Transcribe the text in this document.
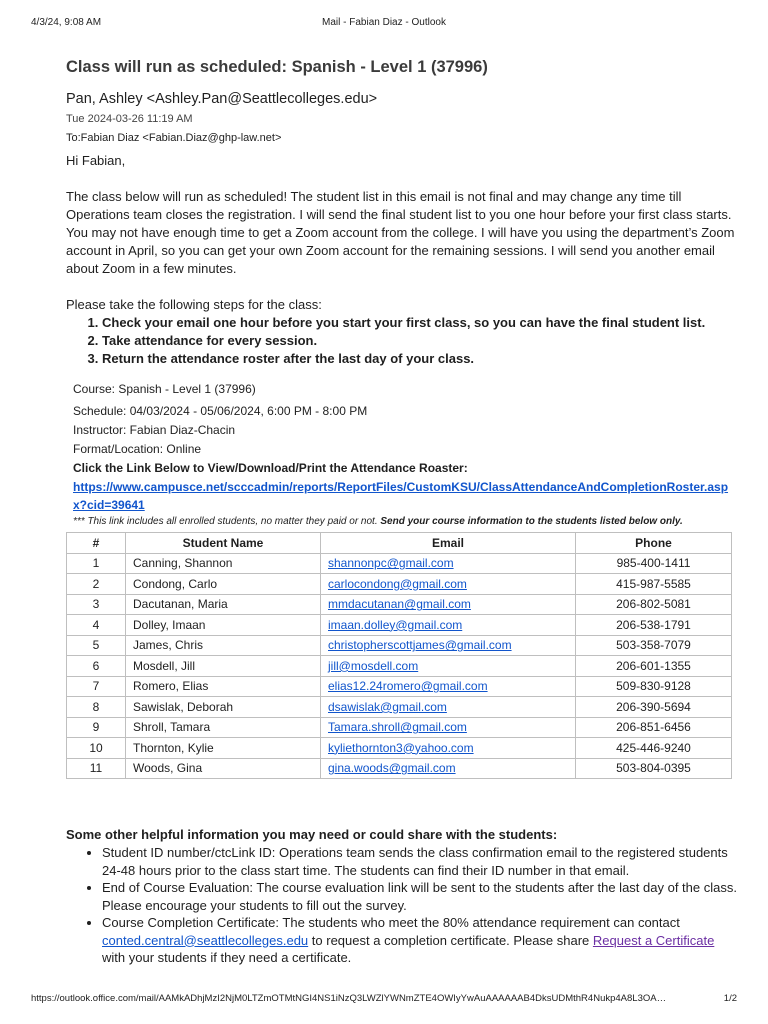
4/3/24, 9:08 AM	Mail - Fabian Diaz - Outlook
Class will run as scheduled: Spanish - Level 1 (37996)
Pan, Ashley <Ashley.Pan@Seattlecolleges.edu>
Tue 2024-03-26 11:19 AM
To:Fabian Diaz <Fabian.Diaz@ghp-law.net>
Hi Fabian,

The class below will run as scheduled! The student list in this email is not final and may change any time till Operations team closes the registration. I will send the final student list to you one hour before your first class starts. You may not have enough time to get a Zoom account from the college. I will have you using the department’s Zoom account in April, so you can get your own Zoom account for the remaining sessions. I will send you another email about Zoom in a few minutes.

Please take the following steps for the class:
1. Check your email one hour before you start your first class, so you can have the final student list.
2. Take attendance for every session.
3. Return the attendance roster after the last day of your class.
Course: Spanish - Level 1 (37996)
Schedule: 04/03/2024 - 05/06/2024, 6:00 PM - 8:00 PM
Instructor: Fabian Diaz-Chacin
Format/Location: Online
Click the Link Below to View/Download/Print the Attendance Roaster:
https://www.campusce.net/scccadmin/reports/ReportFiles/CustomKSU/ClassAttendanceAndCompletionRoster.aspx?cid=39641
*** This link includes all enrolled students, no matter they paid or not. Send your course information to the students listed below only.
#	Student Name	Email	Phone
1	Canning, Shannon	shannonpc@gmail.com	985-400-1411
2	Condong, Carlo	carlocondong@gmail.com	415-987-5585
3	Dacutanan, Maria	mmdacutanan@gmail.com	206-802-5081
4	Dolley, Imaan	imaan.dolley@gmail.com	206-538-1791
5	James, Chris	christopherscottjames@gmail.com	503-358-7079
6	Mosdell, Jill	jill@mosdell.com	206-601-1355
7	Romero, Elias	elias12.24romero@gmail.com	509-830-9128
8	Sawislak, Deborah	dsawislak@gmail.com	206-390-5694
9	Shroll, Tamara	Tamara.shroll@gmail.com	206-851-6456
10	Thornton, Kylie	kyliethornton3@yahoo.com	425-446-9240
11	Woods, Gina	gina.woods@gmail.com	503-804-0395
Some other helpful information you may need or could share with the students:
• Student ID number/ctcLink ID: Operations team sends the class confirmation email to the registered students 24-48 hours prior to the class start time. The students can find their ID number in that email.
• End of Course Evaluation: The course evaluation link will be sent to the students after the last day of the class. Please encourage your students to fill out the survey.
• Course Completion Certificate: The students who meet the 80% attendance requirement can contact conted.central@seattlecolleges.edu to request a completion certificate. Please share Request a Certificate with your students if they need a certificate.
https://outlook.office.com/mail/AAMkADhjMzI2NjM0LTZmOTMtNGI4NS1iNzQ3LWZlYWNmZTE4OWIyYwAuAAAAAAB4DksUDMthR4Nukp4A8L3OA…	1/2
